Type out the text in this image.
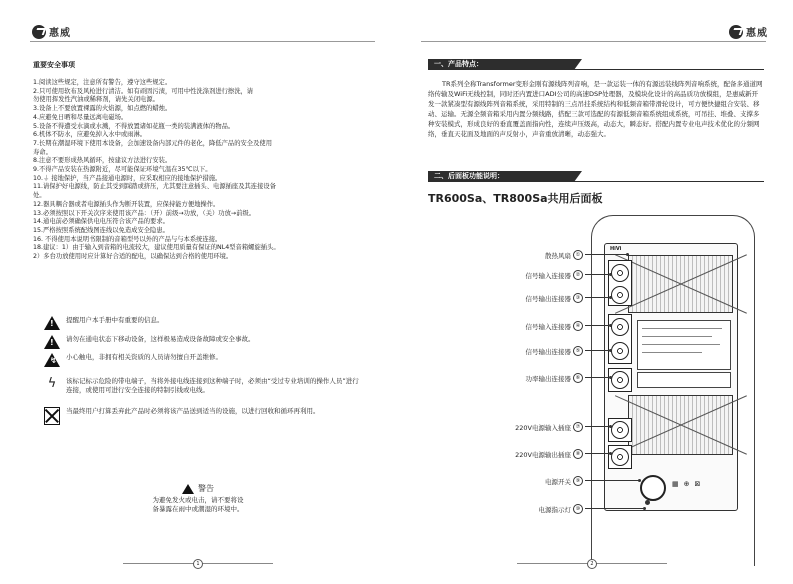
惠威
重要安全事项
1.阅读这些规定，注意所有警告，遵守这些规定。
2.只可使用软布及风枪进行清洁。如有顽固污渍，可用中性洗涤剂进行擦洗，请
勿使用挥发性汽油或稀释剂，请先关闭电源。
3.设备上不要放置裸露的火焰源，如点燃的蜡烛。
4.应避免日晒和尽量远离电磁场。
5.设备不得遭受水滴或水溅，不得放置诸如花瓶一类的装满液体的物品。
6.机体不防水，应避免掉入水中或雨淋。
7.长期在潮湿环境下使用本设备，会加速设备内部元件的老化，降低产品的安全及使用
寿命。
8.注意不要形成热风循环，按建议方法进行安装。
9.不得产品安装在热源附近，尽可能保证环境气温在35℃以下。
10.⏚ 接地保护，当产品接通电源时，应采取相应的接地保护措施。
11.请保护好电源线，防止其受到踩踏或挤压，尤其要注意插头、电源插座及其连接设备
处。
12.器具耦合器或者电源插头作为断开装置，应保持能方便地操作。
13.必须按照以下开关次序来使用该产品：（开）前级→功放，（关）功放→前级。
14.通电前必须确保供电电压符合该产品的要求。
15.严格按照系统配线图连线以免造成安全隐患。
16. 不得使用本说明书限制的音箱型号以外的产品与与本系统连接。
18.建议：1）由于输入到音箱的电流较大，建议使用质量有保证的NL4型音箱螺旋插头。
2）多台功放使用时应计算好合适的配电，以确保达到合格的使用环境。
! 提醒用户本手册中有重要的信息。
! 请勿在通电状态下移动设备，这样极易造成设备故障或安全事故。
↯ 小心触电，非拥有相关资质的人员请勿擅自开盖维修。
ϟ	该标记标示危险的带电端子，当将外接电线连接到这种端子时，必须由“受过专业培训的操作人员”进行连接，或使用可进行安全连接的特制引线或电线。
当最终用户打算丢弃此产品时必须将该产品送到适当的设施，以进行回收和循环再利用。
警告
为避免发火或电击，请不要将设
备暴露在雨中或潮湿的环境中。
1
惠威
一、产品特点：
TR系列全称Transformer变形金刚有源线阵列音响，是一款运装一体的有源远装线阵列音响系统，配备多通道网络传输及WiFi无线控制，同时还内置进口ADI公司的高速DSP处理器，及模块化设计的高品质功放模组，是惠威新开发一款紧凑型有源线阵列音箱系统，采用特制的三点吊挂系统结构和低频音箱带滑轮设计，可方便快捷组合安装、移动、运输。无源全频音箱采用内置分频线路，搭配三款可选配的有源低频音箱系统组成系统，可吊挂、堆叠、支撑多种安装模式，形成良好的垂直覆盖面指向性，连续声压级高，动态大，瞬态好。搭配内置专业电声技术优化的分频网络，垂直天花面及地面的声反射小，声音重放清晰，动态强大。
二、后面板功能说明：
TR600Sa、TR800Sa共用后面板
HiVi
▦ ⊕ ⊠
散热风扇 ①
信号输入连接器 ②
信号输出连接器 ③
信号输入连接器 ④
信号输出连接器 ⑤
功率输出连接器 ⑥
220V电源输入插座 ⑦
220V电源输出插座 ⑧
电源开关 ⑨
电源指示灯 ⑩
2
